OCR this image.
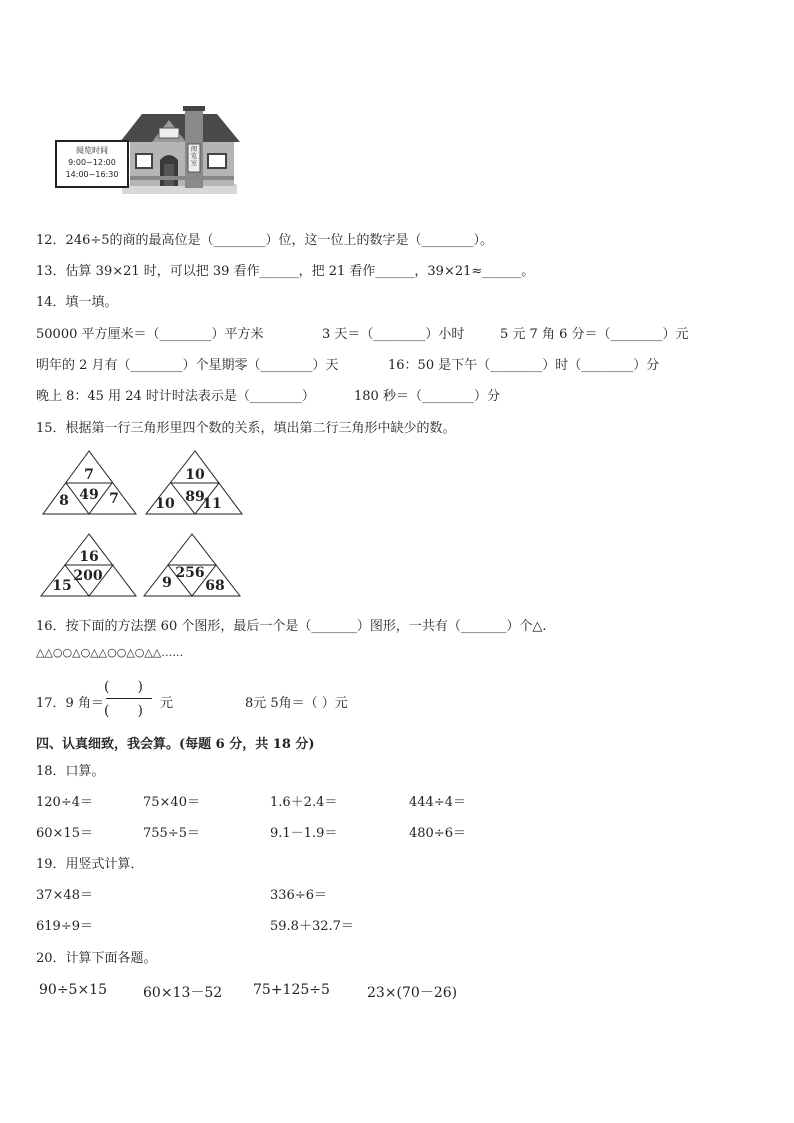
阅览时间
9:00~12:00
14:00~16:30
阅览室
12．246÷5的商的最高位是（________）位，这一位上的数字是（________）。
13．估算 39×21 时，可以把 39 看作______，把 21 看作______，39×21≈______。
14．填一填。
50000 平方厘米＝（________）平方米	3 天＝（________）小时	5 元 7 角 6 分＝（________）元
明年的 2 月有（________）个星期零（________）天	16：50 是下午（________）时（________）分
晚上 8：45 用 24 时计时法表示是（________）	180 秒＝（________）分
15．根据第一行三角形里四个数的关系，填出第二行三角形中缺少的数。
7
49
8	7
10
89
10 11
16
200
15
256
9 68
16．按下面的方法摆 60 个图形，最后一个是（_______）图形，一共有（_______）个△.
△△○○△○△△○○△○△△……
17．9 角＝
(　　)
(　　) 元	8元 5角＝（ ）元
四、认真细致，我会算。(每题 6 分，共 18 分)
18．口算。
120÷4＝	75×40＝	1.6＋2.4＝	444÷4＝
60×15＝	755÷5＝	9.1－1.9＝	480÷6＝
19．用竖式计算．
37×48＝	336÷6＝
619÷9＝	59.8＋32.7＝
20．计算下面各题。
90÷5×15	60×13－52 75+125÷5	23×(70－26)
